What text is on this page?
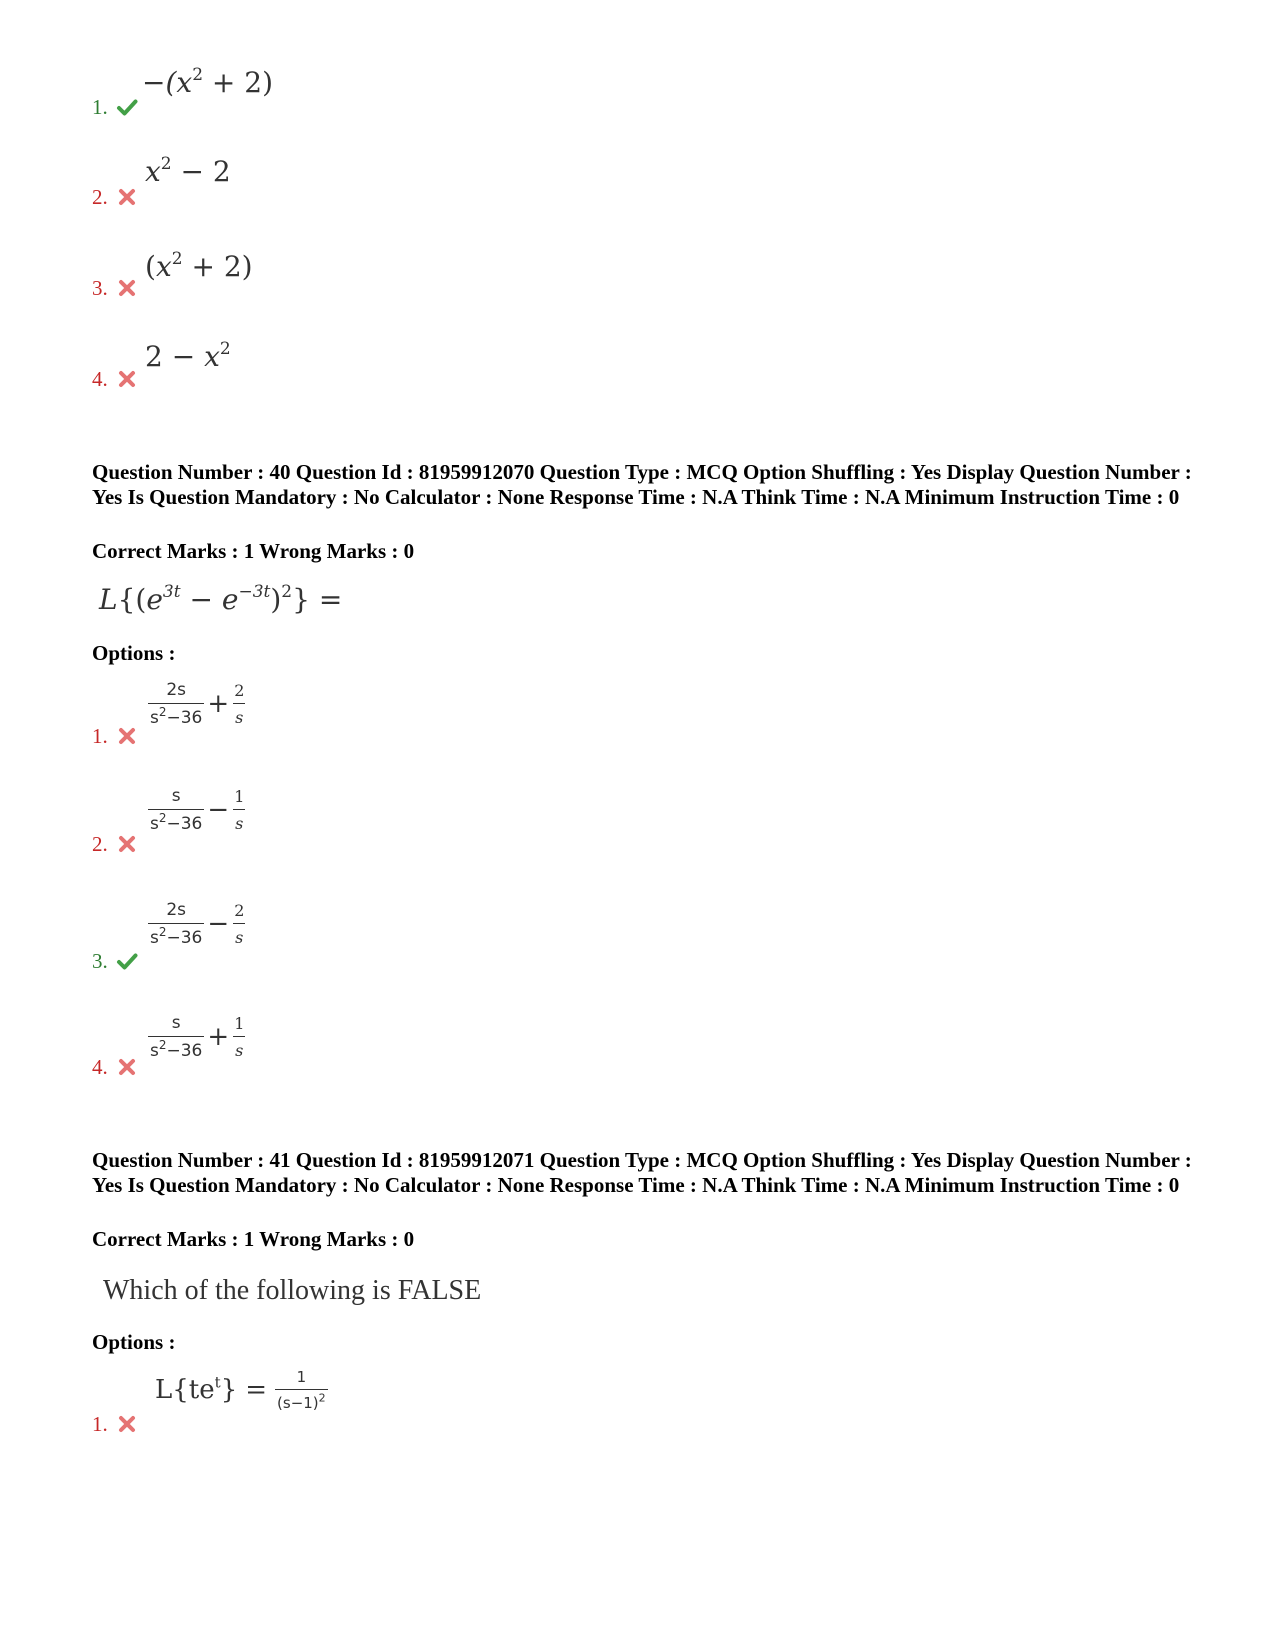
1.
$-(x^2 + 2)$
2.
$x^2 - 2$
3.
$(x^2 + 2)$
4.
$2 - x^2$
Question Number : 40 Question Id : 81959912070 Question Type : MCQ Option Shuffling : Yes Display Question Number : Yes Is Question Mandatory : No Calculator : None Response Time : N.A Think Time : N.A Minimum Instruction Time : 0
Correct Marks : 1 Wrong Marks : 0
$L\{(e^{3t} - e^{-3t})^2\}$ =
Options :
$\frac{2s}{s^2-36} + \frac{2}{s}$
1.
$\frac{s}{s^2-36} - \frac{1}{s}$
2.
$\frac{2s}{s^2-36} - \frac{2}{s}$
3.
$\frac{s}{s^2-36} + \frac{1}{s}$
4.
Question Number : 41 Question Id : 81959912071 Question Type : MCQ Option Shuffling : Yes Display Question Number : Yes Is Question Mandatory : No Calculator : None Response Time : N.A Think Time : N.A Minimum Instruction Time : 0
Correct Marks : 1 Wrong Marks : 0
Which of the following is FALSE
Options :
$L\{te^t\} = \frac{1}{(s-1)^2}$
1.
